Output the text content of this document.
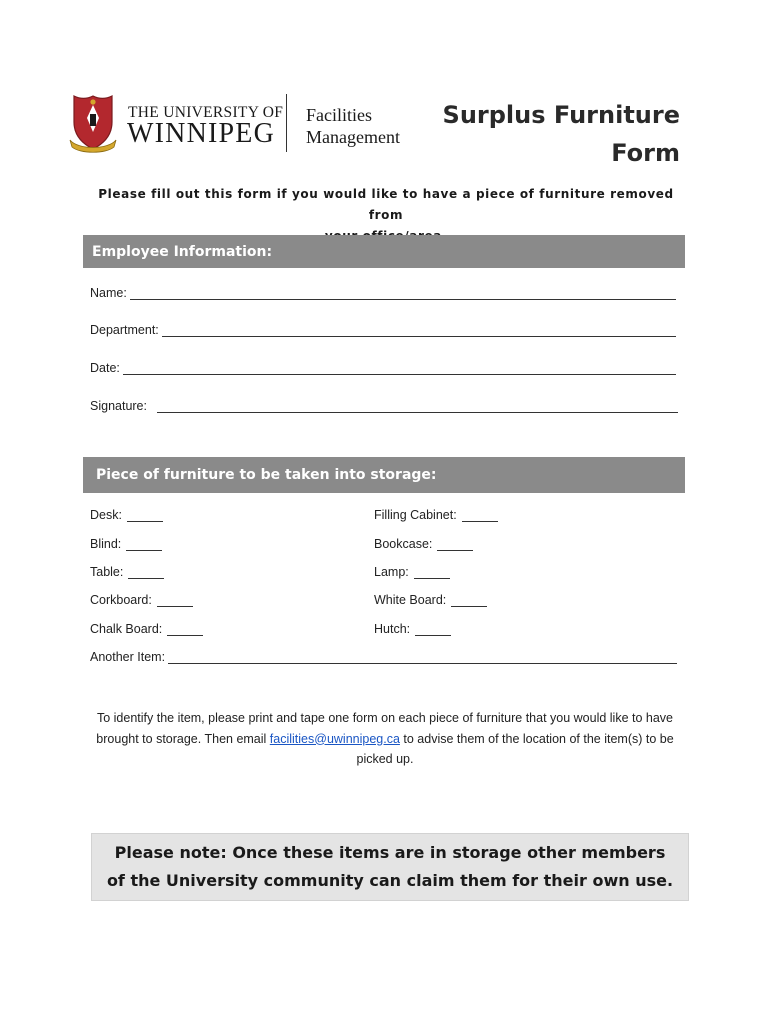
THE UNIVERSITY OF
WINNIPEG
Facilities
Management
Surplus Furniture
Form
Please fill out this form if you would like to have a piece of furniture removed from
Employee Information:
Name:
Department:
Date:
Signature:
Piece of furniture to be taken into storage:
Desk:	Filling Cabinet:
Blind:	Bookcase:
Table:	Lamp:
Corkboard:	White Board:
Chalk Board:	Hutch:
Another Item:
To identify the item, please print and tape one form on each piece of furniture that you would like to have brought to storage. Then email facilities@uwinnipeg.ca to advise them of the location of the item(s) to be picked up.
Please note: Once these items are in storage other members of the University community can claim them for their own use.
